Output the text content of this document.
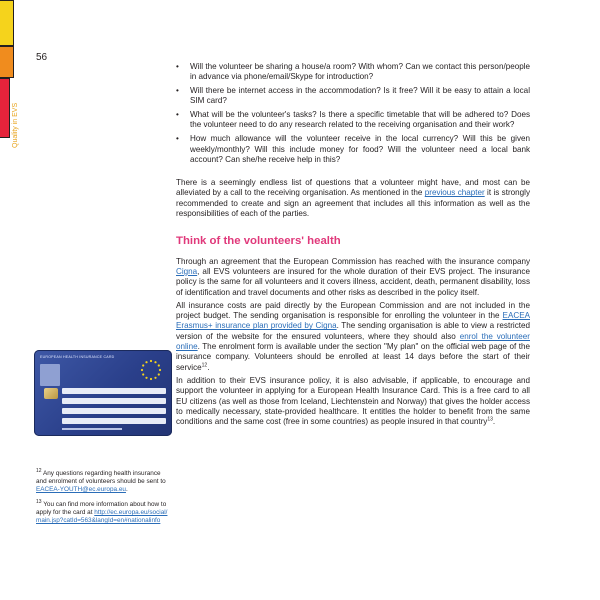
56
Quality in EVS
• Will the volunteer be sharing a house/a room? With whom? Can we contact this person/people in advance via phone/email/Skype for introduction?
• Will there be internet access in the accommodation? Is it free? Will it be easy to attain a local SIM card?
• What will be the volunteer's tasks? Is there a specific timetable that will be adhered to? Does the volunteer need to do any research related to the receiving organisation and their work?
• How much allowance will the volunteer receive in the local currency? Will this be given weekly/monthly? Will this include money for food? Will the volunteer need a local bank account? Can she/he receive help in this?

There is a seemingly endless list of questions that a volunteer might have, and most can be alleviated by a call to the receiving organisation. As mentioned in the previous chapter it is strongly recommended to create and sign an agreement that includes all this information as well as the responsibilities of each of the parties.

Think of the volunteers' health

Through an agreement that the European Commission has reached with the insurance company Cigna, all EVS volunteers are insured for the whole duration of their EVS project. The insurance policy is the same for all volunteers and it covers illness, accident, death, permanent disability, loss of identification and travel documents and other risks as described in the policy itself.

All insurance costs are paid directly by the European Commission and are not included in the project budget. The sending organisation is responsible for enrolling the volunteer in the EACEA Erasmus+ insurance plan provided by Cigna. The sending organisation is able to view a restricted version of the website for the ensured volunteers, where they should also enrol the volunteer online. The enrolment form is available under the section "My plan" on the official web page of the insurance company. Volunteers should be enrolled at least 14 days before the start of their service$^{12}$.

In addition to their EVS insurance policy, it is also advisable, if applicable, to encourage and support the volunteer in applying for a European Health Insurance Card. This is a free card to all EU citizens (as well as those from Iceland, Liechtenstein and Norway) that gives the holder access to medically necessary, state-provided healthcare. It entitles the holder to benefit from the same conditions and the same cost (free in some countries) as people insured in that country$^{13}$.

EUROPEAN HEALTH INSURANCE CARD

$^{12}$ Any questions regarding health insurance and enrolment of volunteers should be sent to EACEA-YOUTH@ec.europa.eu.

$^{13}$ You can find more information about how to apply for the card at http://ec.europa.eu/social/main.jsp?catId=563&langId=en#nationalinfo
